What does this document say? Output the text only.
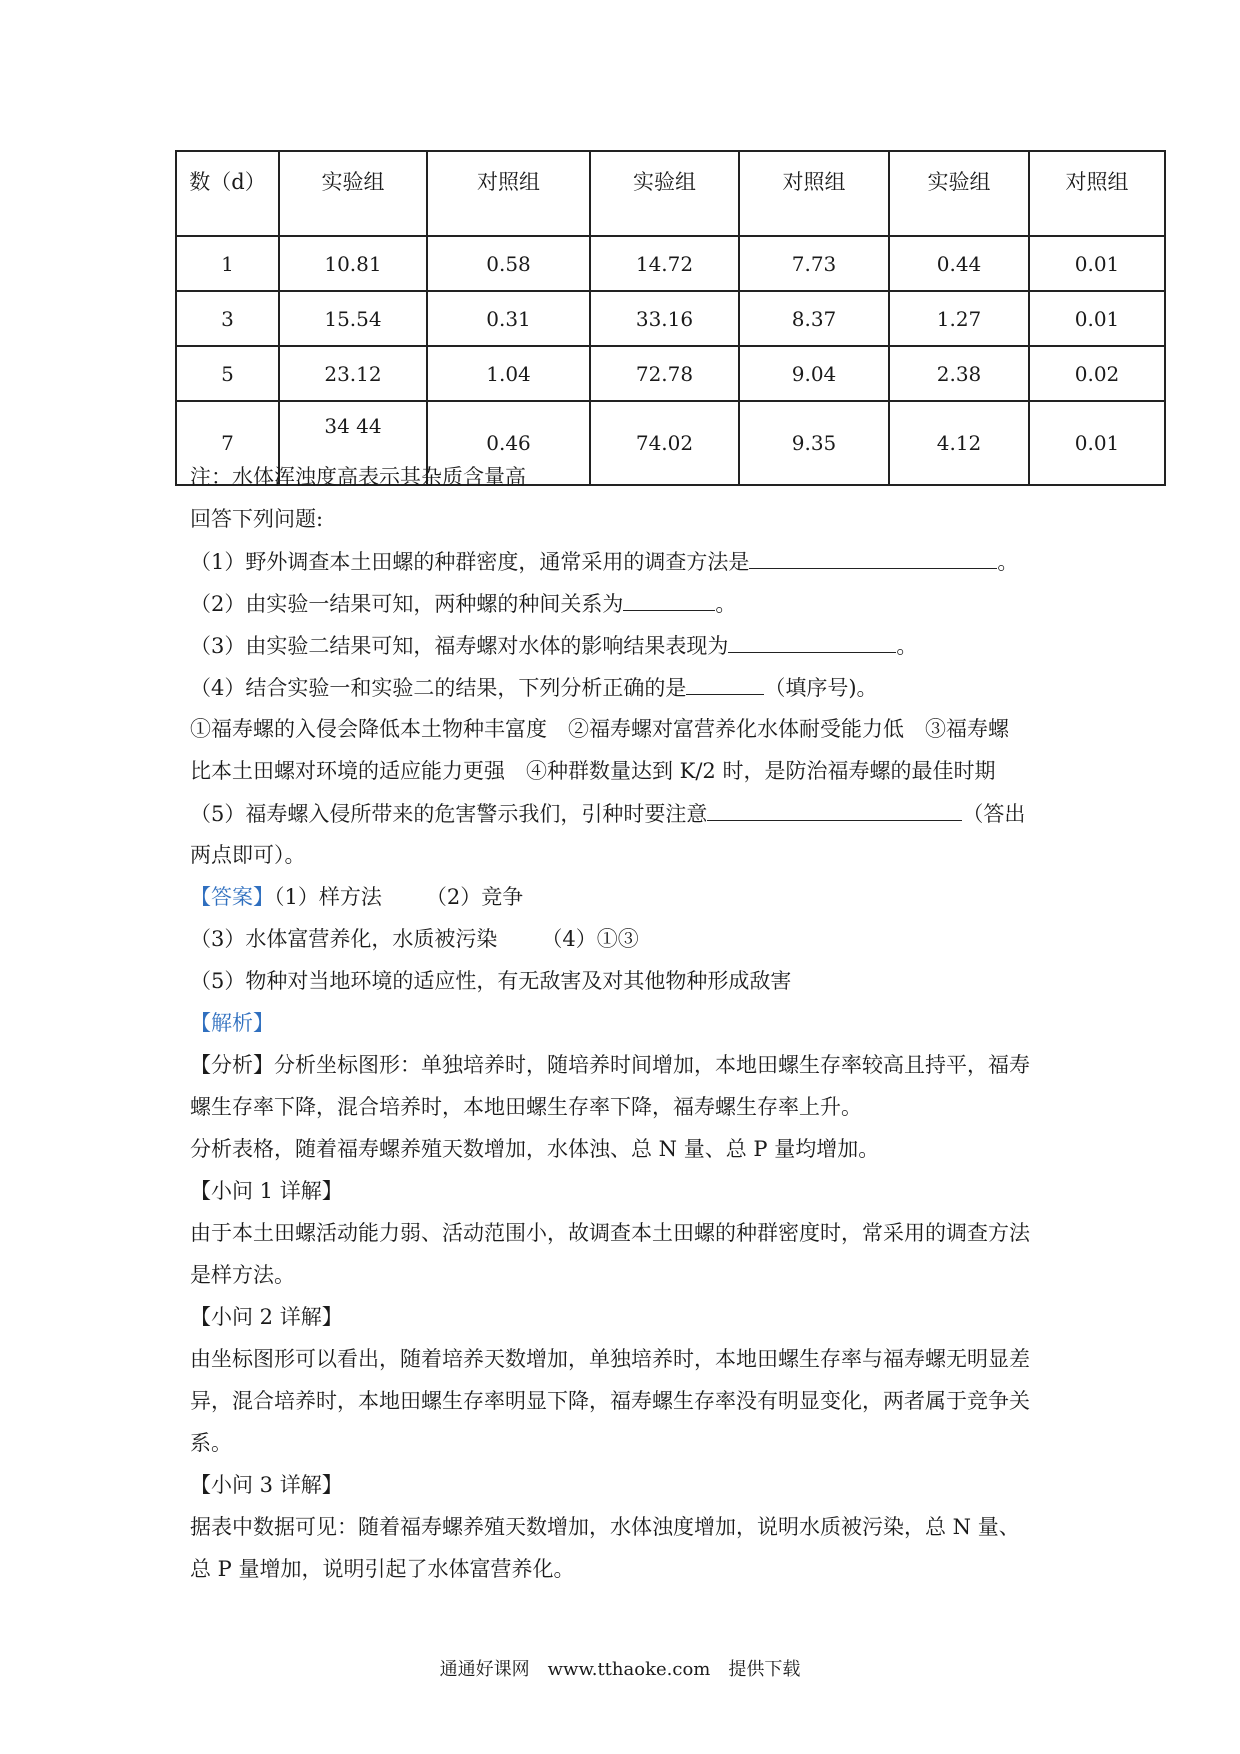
数（d）	实验组	对照组	实验组	对照组	实验组	对照组
1	10.81	0.58	14.72	7.73	0.44	0.01
3	15.54	0.31	33.16	8.37	1.27	0.01
5	23.12	1.04	72.78	9.04	2.38	0.02
7	34 44	0.46	74.02	9.35	4.12	0.01
注：水体浑浊度高表示其杂质含量高
回答下列问题:
（1）野外调查本土田螺的种群密度，通常采用的调查方法是	。
（2）由实验一结果可知，两种螺的种间关系为	。
（3）由实验二结果可知，福寿螺对水体的影响结果表现为	。
（4）结合实验一和实验二的结果，下列分析正确的是	（填序号)。
①福寿螺的入侵会降低本土物种丰富度　②福寿螺对富营养化水体耐受能力低　③福寿螺
比本土田螺对环境的适应能力更强　④种群数量达到 K/2 时，是防治福寿螺的最佳时期
（5）福寿螺入侵所带来的危害警示我们，引种时要注意	（答出
两点即可）。
【答案】（1）样方法 （2）竞争
（3）水体富营养化，水质被污染 （4）①③
（5）物种对当地环境的适应性，有无敌害及对其他物种形成敌害
【解析】
【分析】分析坐标图形：单独培养时，随培养时间增加，本地田螺生存率较高且持平，福寿
螺生存率下降，混合培养时，本地田螺生存率下降，福寿螺生存率上升。
分析表格，随着福寿螺养殖天数增加，水体浊、总 N 量、总 P 量均增加。
【小问 1 详解】
由于本土田螺活动能力弱、活动范围小，故调查本土田螺的种群密度时，常采用的调查方法
是样方法。
【小问 2 详解】
由坐标图形可以看出，随着培养天数增加，单独培养时，本地田螺生存率与福寿螺无明显差
异，混合培养时，本地田螺生存率明显下降，福寿螺生存率没有明显变化，两者属于竞争关
系。
【小问 3 详解】
据表中数据可见：随着福寿螺养殖天数增加，水体浊度增加，说明水质被污染，总 N 量、
总 P 量增加，说明引起了水体富营养化。
通通好课网　www.tthaoke.com　提供下载
